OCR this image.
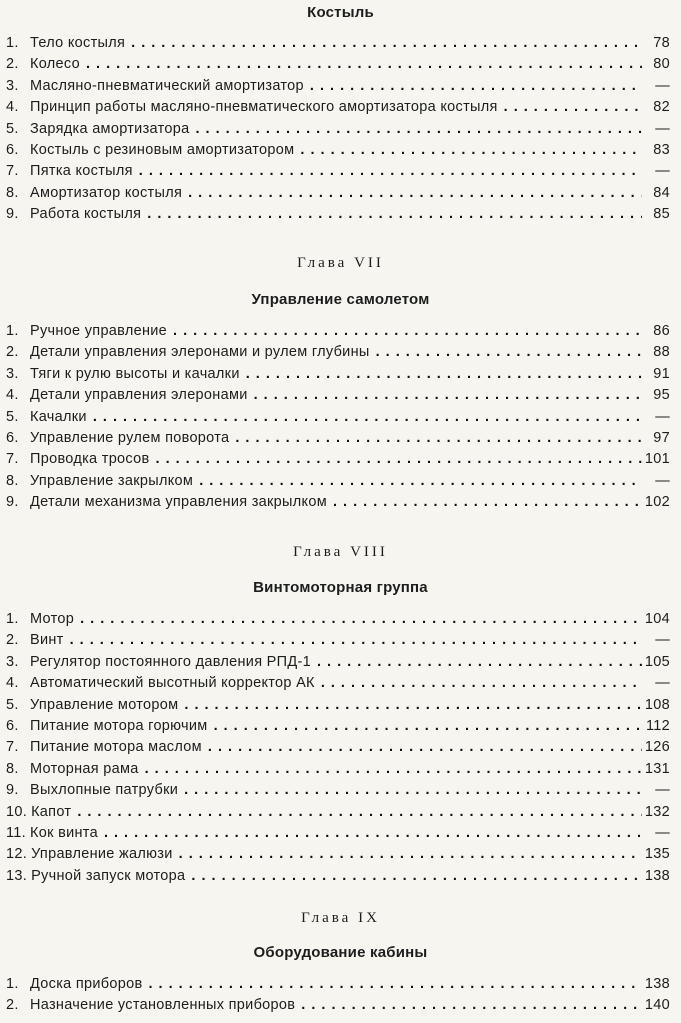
Костыль
1. Тело костыля . . .	78
2. Колесо . . .	80
3. Масляно-пневматический амортизатор . . .	—
4. Принцип работы масляно-пневматического амортизатора костыля . . .	82
5. Зарядка амортизатора . . .	—
6. Костыль с резиновым амортизатором . . .	83
7. Пятка костыля . . .	—
8. Амортизатор костыля . . .	84
9. Работа костыля . . .	85
Глава VII
Управление самолетом
1. Ручное управление . . .	86
2. Детали управления элеронами и рулем глубины . . .	88
3. Тяги к рулю высоты и качалки . . .	91
4. Детали управления элеронами . . .	95
5. Качалки . . .	—
6. Управление рулем поворота . . .	97
7. Проводка тросов . . .	101
8. Управление закрылком . . .	—
9. Детали механизма управления закрылком . . .	102
Глава VIII
Винтомоторная группа
1. Мотор . . .	104
2. Винт . . .	—
3. Регулятор постоянного давления РПД-1 . . .	105
4. Автоматический высотный корректор АК . . .	—
5. Управление мотором . . .	108
6. Питание мотора горючим . . .	112
7. Питание мотора маслом . . .	126
8. Моторная рама . . .	131
9. Выхлопные патрубки . . .	—
10. Капот . . .	132
11. Кок винта . . .	—
12. Управление жалюзи . . .	135
13. Ручной запуск мотора . . .	138
Глава IX
Оборудование кабины
1. Доска приборов . . .	138
2. Назначение установленных приборов . . .	140
